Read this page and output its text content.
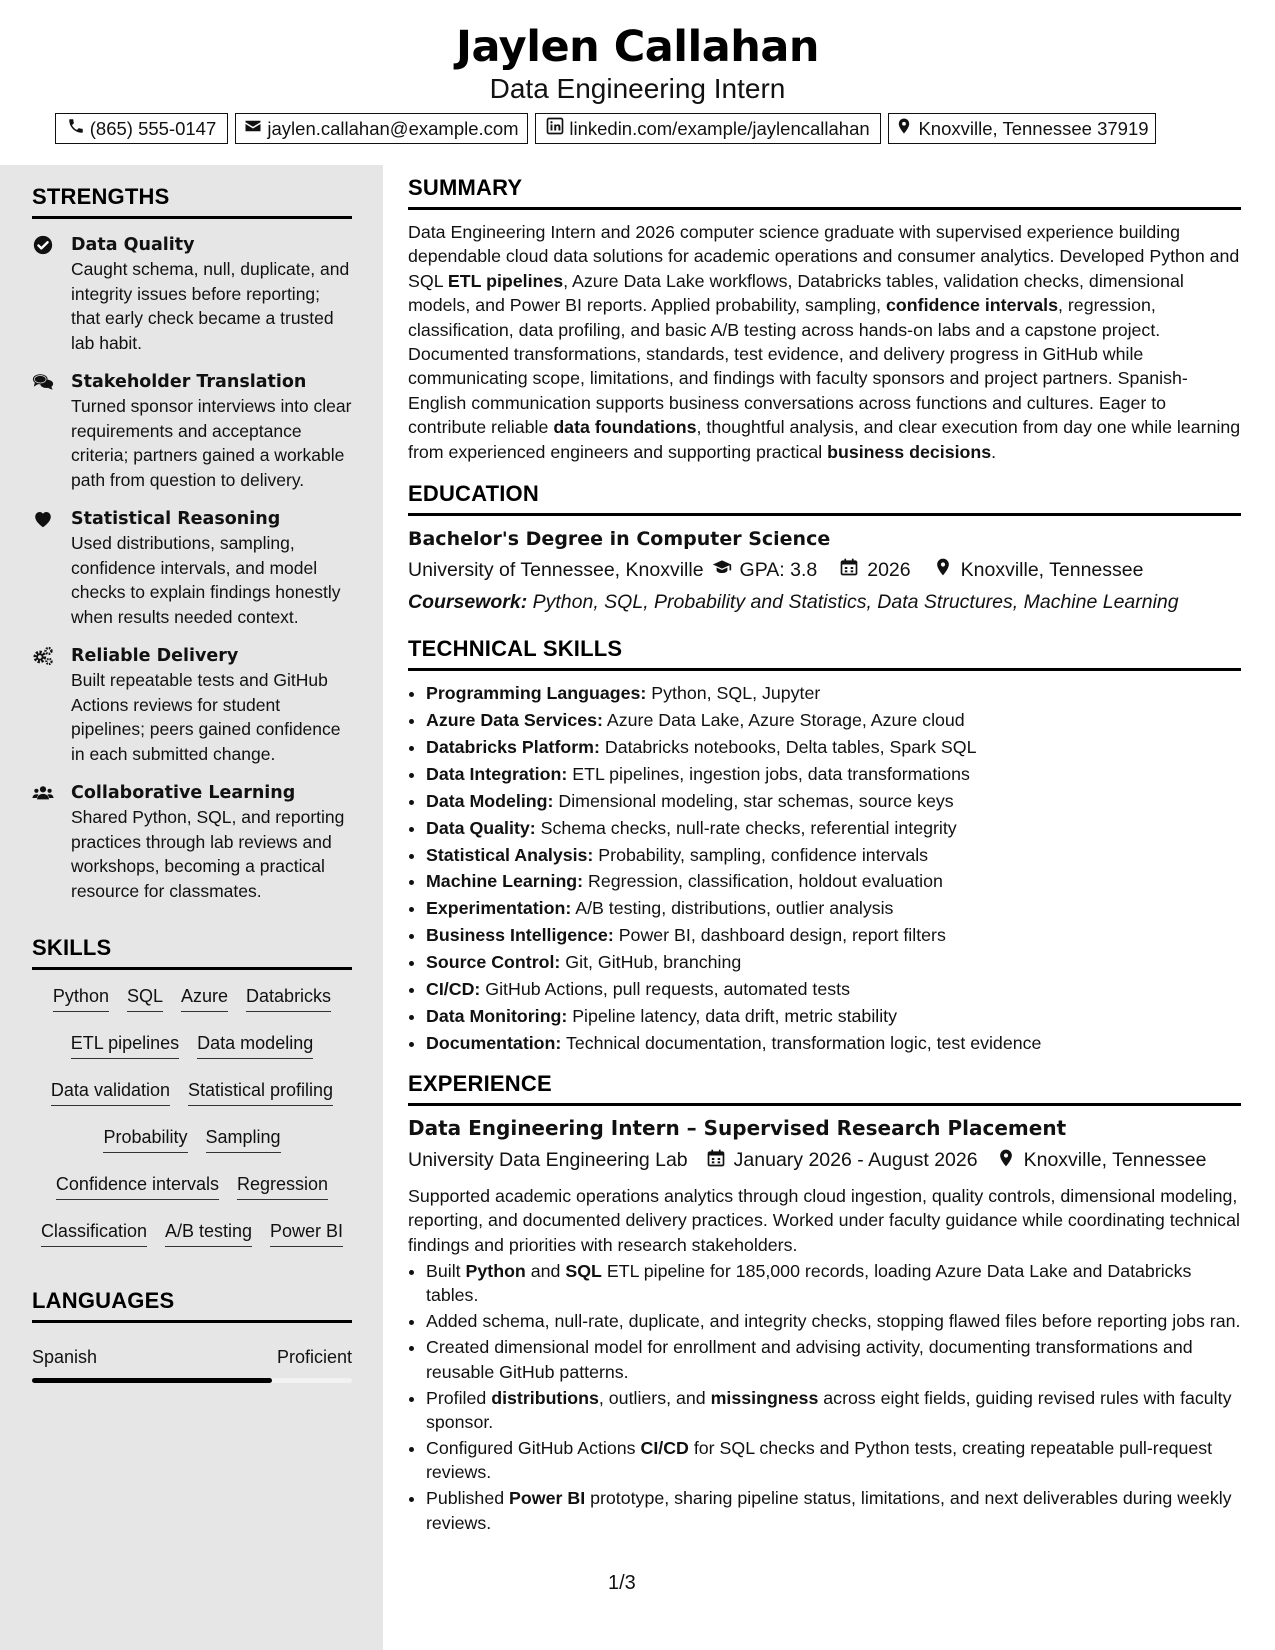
Jaylen Callahan
Data Engineering Intern
(865) 555-0147	jaylen.callahan@example.com	linkedin.com/example/jaylencallahan	Knoxville, Tennessee 37919
STRENGTHS
Data Quality
Caught schema, null, duplicate, and integrity issues before reporting; that early check became a trusted lab habit.
Stakeholder Translation
Turned sponsor interviews into clear requirements and acceptance criteria; partners gained a workable path from question to delivery.
Statistical Reasoning
Used distributions, sampling, confidence intervals, and model checks to explain findings honestly when results needed context.
Reliable Delivery
Built repeatable tests and GitHub Actions reviews for student pipelines; peers gained confidence in each submitted change.
Collaborative Learning
Shared Python, SQL, and reporting practices through lab reviews and workshops, becoming a practical resource for classmates.
SKILLS
Python SQL Azure Databricks
ETL pipelines Data modeling
Data validation Statistical profiling
Probability Sampling
Confidence intervals Regression
Classification A/B testing Power BI
LANGUAGES
Spanish	Proficient
SUMMARY
Data Engineering Intern and 2026 computer science graduate with supervised experience building dependable cloud data solutions for academic operations and consumer analytics. Developed Python and SQL ETL pipelines, Azure Data Lake workflows, Databricks tables, validation checks, dimensional models, and Power BI reports. Applied probability, sampling, confidence intervals, regression, classification, data profiling, and basic A/B testing across hands-on labs and a capstone project. Documented transformations, standards, test evidence, and delivery progress in GitHub while communicating scope, limitations, and findings with faculty sponsors and project partners. Spanish-English communication supports business conversations across functions and cultures. Eager to contribute reliable data foundations, thoughtful analysis, and clear execution from day one while learning from experienced engineers and supporting practical business decisions.
EDUCATION
Bachelor's Degree in Computer Science
University of Tennessee, Knoxville GPA: 3.8	2026	Knoxville, Tennessee
Coursework: Python, SQL, Probability and Statistics, Data Structures, Machine Learning
TECHNICAL SKILLS
• Programming Languages: Python, SQL, Jupyter
• Azure Data Services: Azure Data Lake, Azure Storage, Azure cloud
• Databricks Platform: Databricks notebooks, Delta tables, Spark SQL
• Data Integration: ETL pipelines, ingestion jobs, data transformations
• Data Modeling: Dimensional modeling, star schemas, source keys
• Data Quality: Schema checks, null-rate checks, referential integrity
• Statistical Analysis: Probability, sampling, confidence intervals
• Machine Learning: Regression, classification, holdout evaluation
• Experimentation: A/B testing, distributions, outlier analysis
• Business Intelligence: Power BI, dashboard design, report filters
• Source Control: Git, GitHub, branching
• CI/CD: GitHub Actions, pull requests, automated tests
• Data Monitoring: Pipeline latency, data drift, metric stability
• Documentation: Technical documentation, transformation logic, test evidence
EXPERIENCE
Data Engineering Intern – Supervised Research Placement
University Data Engineering Lab January 2026 - August 2026 Knoxville, Tennessee
Supported academic operations analytics through cloud ingestion, quality controls, dimensional modeling, reporting, and documented delivery practices. Worked under faculty guidance while coordinating technical findings and priorities with research stakeholders.
• Built Python and SQL ETL pipeline for 185,000 records, loading Azure Data Lake and Databricks tables.
• Added schema, null-rate, duplicate, and integrity checks, stopping flawed files before reporting jobs ran.
• Created dimensional model for enrollment and advising activity, documenting transformations and reusable GitHub patterns.
• Profiled distributions, outliers, and missingness across eight fields, guiding revised rules with faculty sponsor.
• Configured GitHub Actions CI/CD for SQL checks and Python tests, creating repeatable pull-request reviews.
• Published Power BI prototype, sharing pipeline status, limitations, and next deliverables during weekly reviews.
1/3
